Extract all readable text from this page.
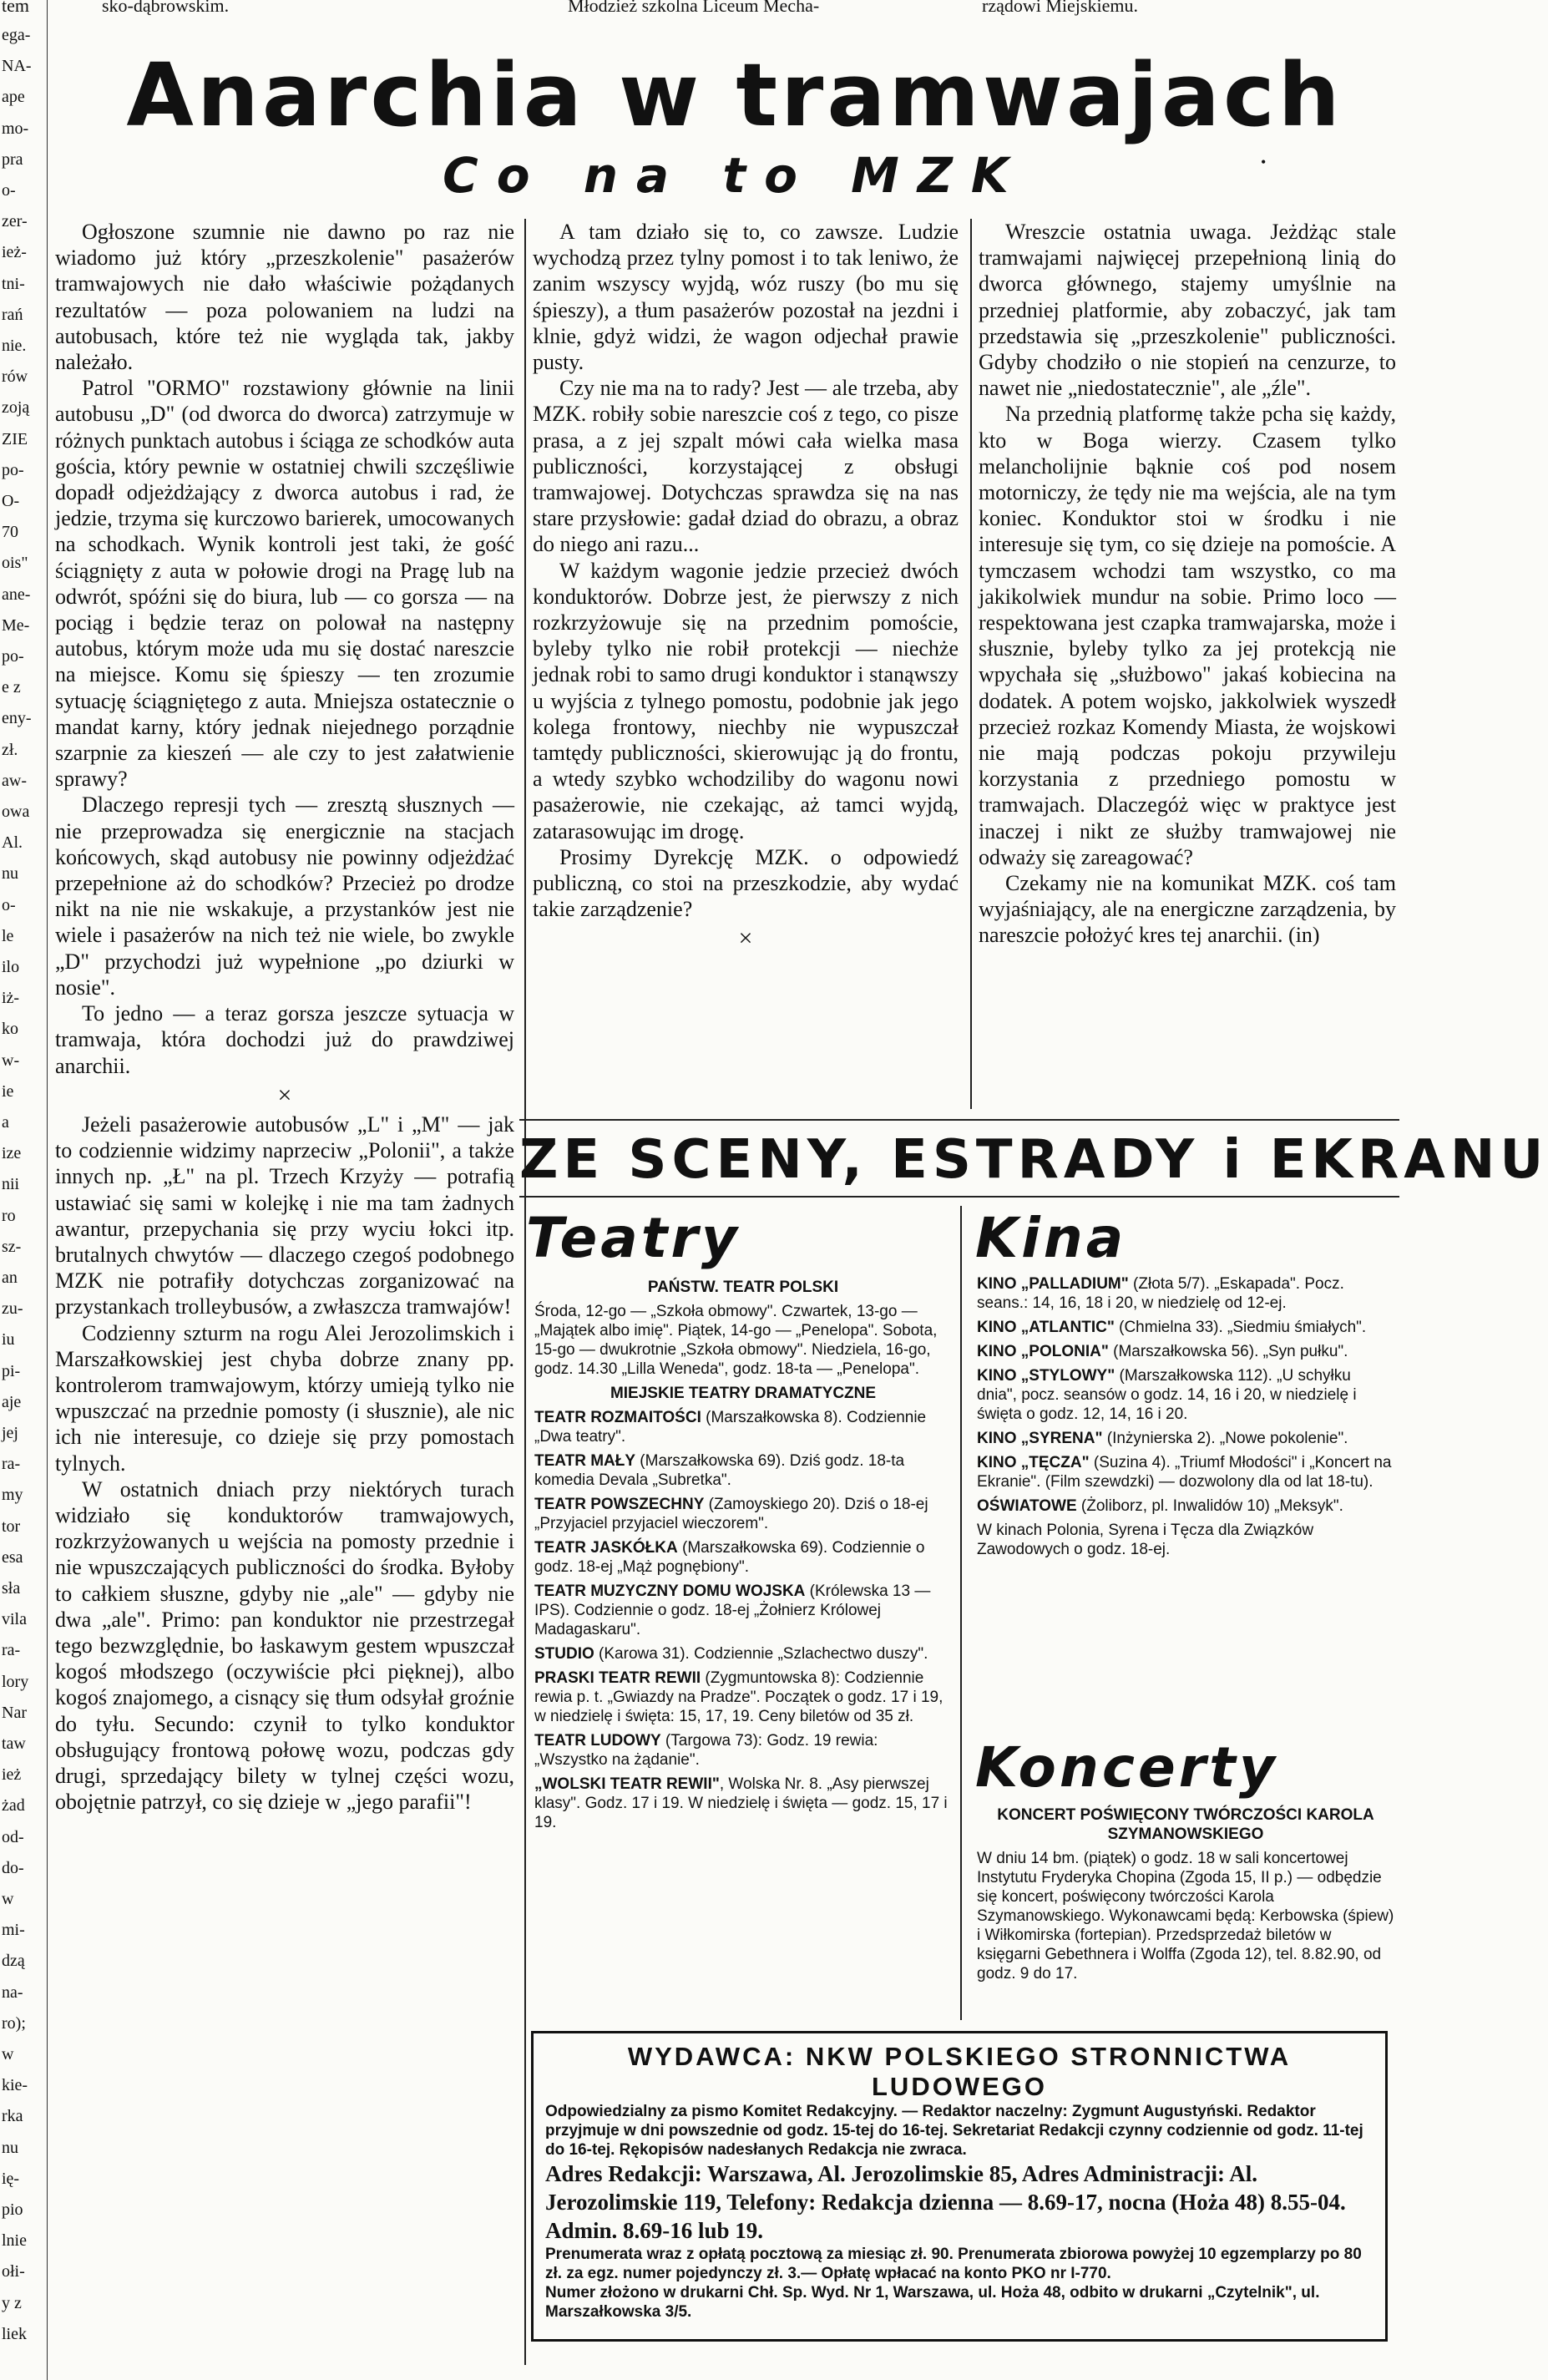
tem	sko-dąbrowskim.	Młodzież szkolna Liceum Mecha-	rządowi Miejskiemu.
ega-
NA-
ape
mo-
pra
o-
zer-
ież-
tni-
rań
nie.
rów
zoją
ZIE
po-
O-
70
ois"
ane-
Me-
po-
e z
eny-
zł.
aw-
owa
Al.
nu
o-
le
ilo
iż-
ko
w-
ie
a
ize
nii
ro
sz-
an
zu-
iu
pi-
aje
jej
ra-
my
tor
esa
sła
vila
ra-
lory
Nar
taw
ież
żad
od-
do-
w
mi-
dzą
na-
ro);
w
kie-
rka
nu
ię-
pio
lnie
ołi-
y z
liek
Anarchia w tramwajach
Co na to MZK	•

Ogłoszone szumnie nie dawno po raz nie wiadomo już który „przeszkolenie" pasażerów tramwajowych nie dało właściwie pożądanych rezultatów — poza polowaniem na ludzi na autobusach, które też nie wygląda tak, jakby należało.

Patrol "ORMO" rozstawiony głównie na linii autobusu „D" (od dworca do dworca) zatrzymuje w różnych punktach autobus i ściąga ze schodków auta gościa, który pewnie w ostatniej chwili szczęśliwie dopadł odjeżdżający z dworca autobus i rad, że jedzie, trzyma się kurczowo barierek, umocowanych na schodkach. Wynik kontroli jest taki, że gość ściągnięty z auta w połowie drogi na Pragę lub na odwrót, spóźni się do biura, lub — co gorsza — na pociąg i będzie teraz on polował na następny autobus, którym może uda mu się dostać nareszcie na miejsce. Komu się śpieszy — ten zrozumie sytuację ściągniętego z auta. Mniejsza ostatecznie o mandat karny, który jednak niejednego porządnie szarpnie za kieszeń — ale czy to jest załatwienie sprawy?

Dlaczego represji tych — zresztą słusznych — nie przeprowadza się energicznie na stacjach końcowych, skąd autobusy nie powinny odjeżdżać przepełnione aż do schodków? Przecież po drodze nikt na nie nie wskakuje, a przystanków jest nie wiele i pasażerów na nich też nie wiele, bo zwykle „D" przychodzi już wypełnione „po dziurki w nosie".

To jedno — a teraz gorsza jeszcze sytuacja w tramwaja, która dochodzi już do prawdziwej anarchii.

×

Jeżeli pasażerowie autobusów „L" i „M" — jak to codziennie widzimy naprzeciw „Polonii", a także innych np. „Ł" na pl. Trzech Krzyży — potrafią ustawiać się sami w kolejkę i nie ma tam żadnych awantur, przepychania się przy wyciu łokci itp. brutalnych chwytów — dlaczego czegoś podobnego MZK nie potrafiły dotychczas zorganizować na przystankach trolleybusów, a zwłaszcza tramwajów!

Codzienny szturm na rogu Alei Jerozolimskich i Marszałkowskiej jest chyba dobrze znany pp. kontrolerom tramwajowym, którzy umieją tylko nie wpuszczać na przednie pomosty (i słusznie), ale nic ich nie interesuje, co dzieje się przy pomostach tylnych.

W ostatnich dniach przy niektórych turach widziało się konduktorów tramwajowych, rozkrzyżowanych u wejścia na pomosty przednie i nie wpuszczających publiczności do środka. Byłoby to całkiem słuszne, gdyby nie „ale" — gdyby nie dwa „ale". Primo: pan konduktor nie przestrzegał tego bezwzględnie, bo łaskawym gestem wpuszczał kogoś młodszego (oczywiście płci pięknej), albo kogoś znajomego, a cisnący się tłum odsyłał groźnie do tyłu. Secundo: czynił to tylko konduktor obsługujący frontową połowę wozu, podczas gdy drugi, sprzedający bilety w tylnej części wozu, obojętnie patrzył, co się dzieje w „jego parafii"!

A tam działo się to, co zawsze. Ludzie wychodzą przez tylny pomost i to tak leniwo, że zanim wszyscy wyjdą, wóz ruszy (bo mu się śpieszy), a tłum pasażerów pozostał na jezdni i klnie, gdyż widzi, że wagon odjechał prawie pusty.

Czy nie ma na to rady? Jest — ale trzeba, aby MZK. robiły sobie nareszcie coś z tego, co pisze prasa, a z jej szpalt mówi cała wielka masa publiczności, korzystającej z obsługi tramwajowej. Dotychczas sprawdza się na nas stare przysłowie: gadał dziad do obrazu, a obraz do niego ani razu...

W każdym wagonie jedzie przecież dwóch konduktorów. Dobrze jest, że pierwszy z nich rozkrzyżowuje się na przednim pomoście, byleby tylko nie robił protekcji — niechże jednak robi to samo drugi konduktor i stanąwszy u wyjścia z tylnego pomostu, podobnie jak jego kolega frontowy, niechby nie wypuszczał tamtędy publiczności, skierowując ją do frontu, a wtedy szybko wchodziliby do wagonu nowi pasażerowie, nie czekając, aż tamci wyjdą, zatarasowując im drogę.

Prosimy Dyrekcję MZK. o odpowiedź publiczną, co stoi na przeszkodzie, aby wydać takie zarządzenie?

×

Wreszcie ostatnia uwaga. Jeżdżąc stale tramwajami najwięcej przepełnioną linią do dworca głównego, stajemy umyślnie na przedniej platformie, aby zobaczyć, jak tam przedstawia się „przeszkolenie" publiczności. Gdyby chodziło o nie stopień na cenzurze, to nawet nie „niedostatecznie", ale „źle".

Na przednią platformę także pcha się każdy, kto w Boga wierzy. Czasem tylko melancholijnie bąknie coś pod nosem motorniczy, że tędy nie ma wejścia, ale na tym koniec. Konduktor stoi w środku i nie interesuje się tym, co się dzieje na pomoście. A tymczasem wchodzi tam wszystko, co ma jakikolwiek mundur na sobie. Primo loco — respektowana jest czapka tramwajarska, może i słusznie, byleby tylko za jej protekcją nie wpychała się „służbowo" jakaś kobiecina na dodatek. A potem wojsko, jakkolwiek wyszedł przecież rozkaz Komendy Miasta, że wojskowi nie mają podczas pokoju przywileju korzystania z przedniego pomostu w tramwajach. Dlaczegóż więc w praktyce jest inaczej i nikt ze służby tramwajowej nie odważy się zareagować?

Czekamy nie na komunikat MZK. coś tam wyjaśniający, ale na energiczne zarządzenia, by nareszcie położyć kres tej anarchii. (in)

ZE SCENY, ESTRADY i EKRANU
Teatry
PAŃSTW. TEATR POLSKI
Środa, 12-go — „Szkoła obmowy". Czwartek, 13-go — „Majątek albo imię". Piątek, 14-go — „Penelopa". Sobota, 15-go — dwukrotnie „Szkoła obmowy". Niedziela, 16-go, godz. 14.30 „Lilla Weneda", godz. 18-ta — „Penelopa".
MIEJSKIE TEATRY DRAMATYCZNE
TEATR ROZMAITOŚCI (Marszałkowska 8). Codziennie „Dwa teatry".
TEATR MAŁY (Marszałkowska 69). Dziś godz. 18-ta komedia Devala „Subretka".
TEATR POWSZECHNY (Zamoyskiego 20). Dziś o 18-ej „Przyjaciel przyjaciel wieczorem".
TEATR JASKÓŁKA (Marszałkowska 69). Codziennie o godz. 18-ej „Mąż pognębiony".
TEATR MUZYCZNY DOMU WOJSKA (Królewska 13 — IPS). Codziennie o godz. 18-ej „Żołnierz Królowej Madagaskaru".
STUDIO (Karowa 31). Codziennie „Szlachectwo duszy".
PRASKI TEATR REWII (Zygmuntowska 8): Codziennie rewia p. t. „Gwiazdy na Pradze". Początek o godz. 17 i 19, w niedzielę i święta: 15, 17, 19. Ceny biletów od 35 zł.
TEATR LUDOWY (Targowa 73): Godz. 19 rewia: „Wszystko na żądanie".
„WOLSKI TEATR REWII", Wolska Nr. 8. „Asy pierwszej klasy". Godz. 17 i 19. W niedzielę i święta — godz. 15, 17 i 19.
Kina
KINO „PALLADIUM" (Złota 5/7). „Eskapada". Pocz. seans.: 14, 16, 18 i 20, w niedzielę od 12-ej.
KINO „ATLANTIC" (Chmielna 33). „Siedmiu śmiałych".
KINO „POLONIA" (Marszałkowska 56). „Syn pułku".
KINO „STYLOWY" (Marszałkowska 112). „U schyłku dnia", pocz. seansów o godz. 14, 16 i 20, w niedzielę i święta o godz. 12, 14, 16 i 20.
KINO „SYRENA" (Inżynierska 2). „Nowe pokolenie".
KINO „TĘCZA" (Suzina 4). „Triumf Młodości" i „Koncert na Ekranie". (Film szewdzki) — dozwolony dla od lat 18-tu).
OŚWIATOWE (Żoliborz, pl. Inwalidów 10) „Meksyk".
W kinach Polonia, Syrena i Tęcza dla Związków Zawodowych o godz. 18-ej.
Koncerty
KONCERT POŚWIĘCONY TWÓRCZOŚCI KAROLA SZYMANOWSKIEGO
W dniu 14 bm. (piątek) o godz. 18 w sali koncertowej Instytutu Fryderyka Chopina (Zgoda 15, II p.) — odbędzie się koncert, poświęcony twórczości Karola Szymanowskiego. Wykonawcami będą: Kerbowska (śpiew) i Wiłkomirska (fortepian). Przedsprzedaż biletów w księgarni Gebethnera i Wolffa (Zgoda 12), tel. 8.82.90, od godz. 9 do 17.

WYDAWCA: NKW POLSKIEGO STRONNICTWA LUDOWEGO

Odpowiedzialny za pismo Komitet Redakcyjny. — Redaktor naczelny: Zygmunt Augustyński. Redaktor przyjmuje w dni powszednie od godz. 15-tej do 16-tej. Sekretariat Redakcji czynny codziennie od godz. 11-tej do 16-tej. Rękopisów nadesłanych Redakcja nie zwraca.

Adres Redakcji: Warszawa, Al. Jerozolimskie 85, Adres Administracji: Al. Jerozolimskie 119, Telefony: Redakcja dzienna — 8.69-17, nocna (Hoża 48) 8.55-04. Admin. 8.69-16 lub 19.

Prenumerata wraz z opłatą pocztową za miesiąc zł. 90. Prenumerata zbiorowa powyżej 10 egzemplarzy po 80 zł. za egz. numer pojedynczy zł. 3.— Opłatę wpłacać na konto PKO nr I-770.

Numer złożono w drukarni Chł. Sp. Wyd. Nr 1, Warszawa, ul. Hoża 48, odbito w drukarni „Czytelnik", ul. Marszałkowska 3/5.
